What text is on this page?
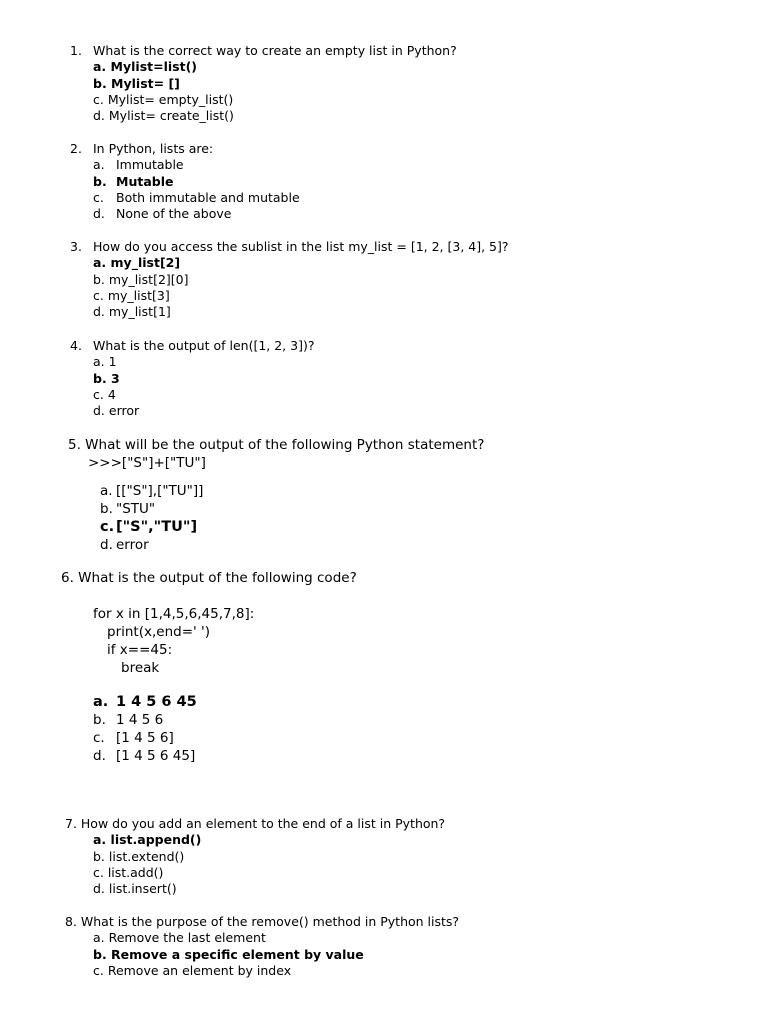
1. What is the correct way to create an empty list in Python?
a. Mylist=list()
b. Mylist= []
c. Mylist= empty_list()
d. Mylist= create_list()
2. In Python, lists are:
a. Immutable
b. Mutable
c. Both immutable and mutable
d. None of the above
3. How do you access the sublist in the list my_list = [1, 2, [3, 4], 5]?
a. my_list[2]
b. my_list[2][0]
c. my_list[3]
d. my_list[1]
4. What is the output of len([1, 2, 3])?
a. 1
b. 3
c. 4
d. error
5. What will be the output of the following Python statement?
>>>["S"]+["TU"]
a. [["S"],["TU"]]
b. "STU"
c. ["S","TU"]
d. error
6. What is the output of the following code?
for x in [1,4,5,6,45,7,8]:
print(x,end=' ')
if x==45:
break
a. 1 4 5 6 45
b. 1 4 5 6
c. [1 4 5 6]
d. [1 4 5 6 45]
7. How do you add an element to the end of a list in Python?
a. list.append()
b. list.extend()
c. list.add()
d. list.insert()
8. What is the purpose of the remove() method in Python lists?
a. Remove the last element
b. Remove a specific element by value
c. Remove an element by index
